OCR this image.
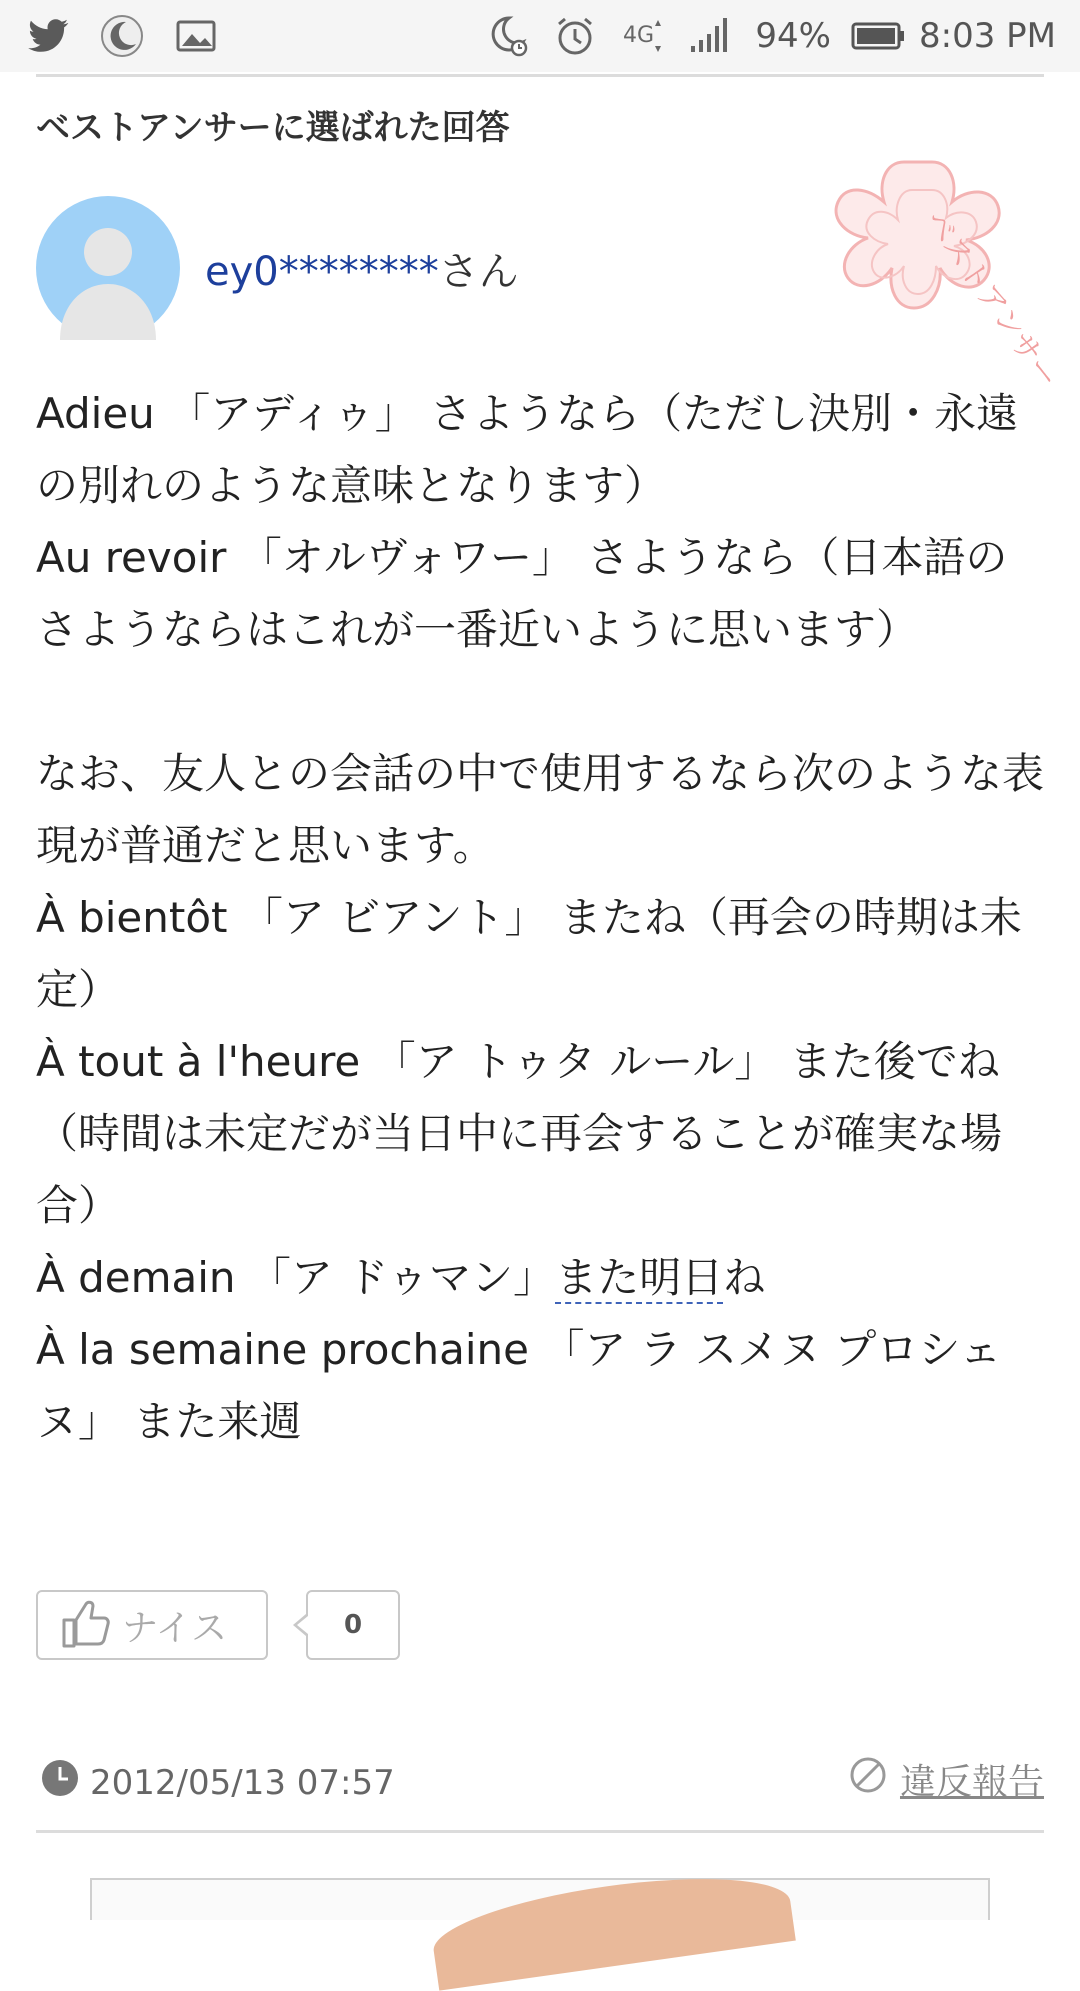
4G	94%	8:03 PM
ベストアンサーに選ばれた回答
ey0********さん	ベストアンサー

Adieu 「アディゥ」 さようなら（ただし決別・永遠の別れのような意味となります）

Au revoir 「オルヴォワー」 さようなら（日本語のさようならはこれが一番近いように思います）

なお、友人との会話の中で使用するなら次のような表現が普通だと思います。

À bientôt 「ア ビアント」 またね（再会の時期は未定）

À tout à l'heure 「ア トゥタ ルール」 また後でね（時間は未定だが当日中に再会することが確実な場合）

À demain 「ア ドゥマン」また明日ね

À la semaine prochaine 「ア ラ スメヌ プロシェヌ」 また来週

ナイス	0
2012/05/13 07:57	違反報告
